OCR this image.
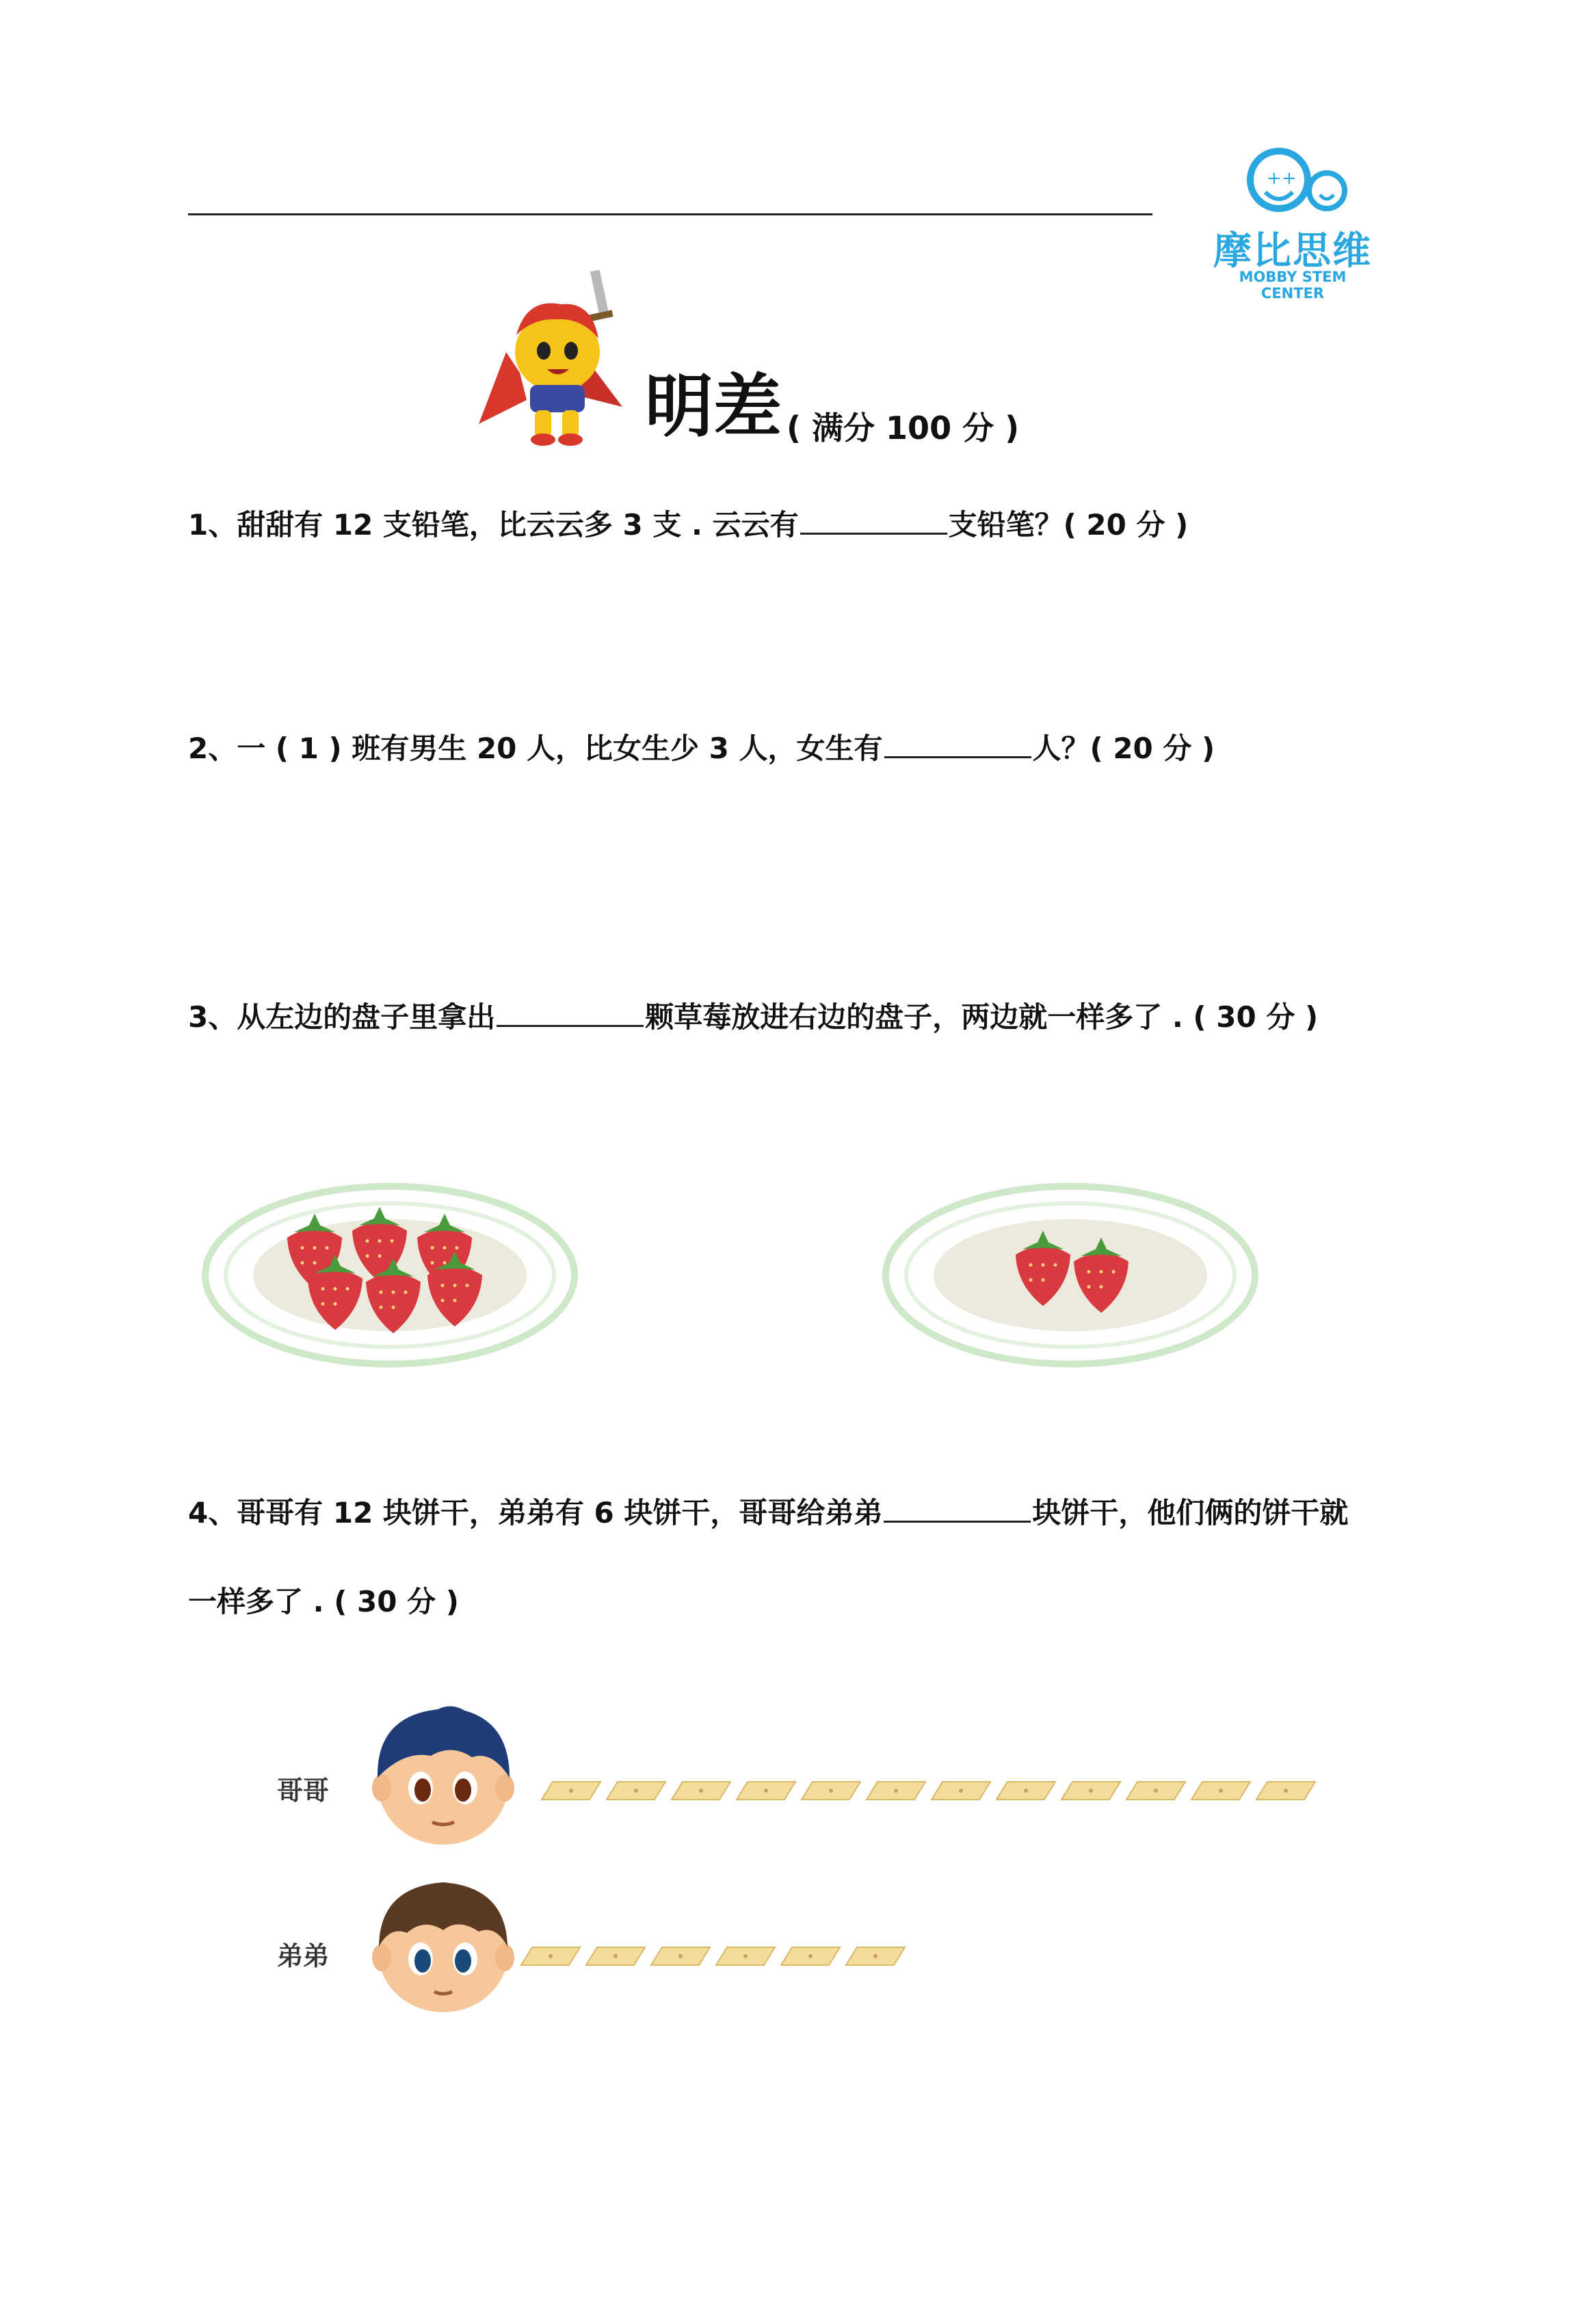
+ +
摩比思维
MOBBY STEM CENTER
明差 ( 满分 100 分 )
1、甜甜有 12 支铅笔，比云云多 3 支 . 云云有	支铅笔？( 20 分 )
2、一 ( 1 ) 班有男生 20 人，比女生少 3 人，女生有	人？( 20 分 )
3、从左边的盘子里拿出	颗草莓放进右边的盘子，两边就一样多了 . ( 30 分 )
4、哥哥有 12 块饼干，弟弟有 6 块饼干，哥哥给弟弟	块饼干，他们俩的饼干就
一样多了 . ( 30 分 )
哥哥
弟弟
